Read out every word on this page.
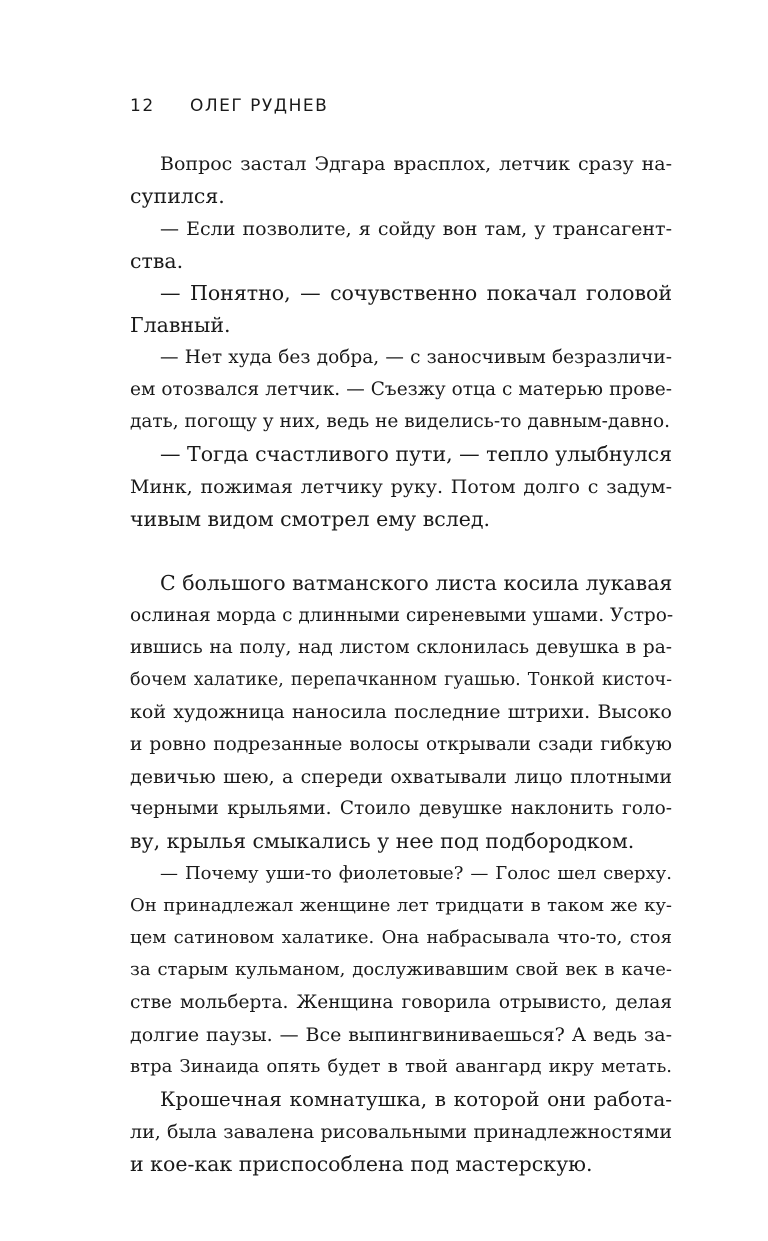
12 ОЛЕГ РУДНЕВ
Вопрос застал Эдгара врасплох, летчик сразу на-
супился.
— Если позволите, я сойду вон там, у трансагент-
ства.
— Понятно, — сочувственно покачал головой
Главный.
— Нет худа без добра, — с заносчивым безразличи-
ем отозвался летчик. — Съезжу отца с матерью прове-
дать, погощу у них, ведь не виделись-то давным-давно.
— Тогда счастливого пути, — тепло улыбнулся
Минк, пожимая летчику руку. Потом долго с задум-
чивым видом смотрел ему вслед.
С большого ватманского листа косила лукавая
ослиная морда с длинными сиреневыми ушами. Устро-
ившись на полу, над листом склонилась девушка в ра-
бочем халатике, перепачканном гуашью. Тонкой кисточ-
кой художница наносила последние штрихи. Высоко
и ровно подрезанные волосы открывали сзади гибкую
девичью шею, а спереди охватывали лицо плотными
черными крыльями. Стоило девушке наклонить голо-
ву, крылья смыкались у нее под подбородком.
— Почему уши-то фиолетовые? — Голос шел сверху.
Он принадлежал женщине лет тридцати в таком же ку-
цем сатиновом халатике. Она набрасывала что-то, стоя
за старым кульманом, дослуживавшим свой век в каче-
стве мольберта. Женщина говорила отрывисто, делая
долгие паузы. — Все выпингвиниваешься? А ведь за-
втра Зинаида опять будет в твой авангард икру метать.
Крошечная комнатушка, в которой они работа-
ли, была завалена рисовальными принадлежностями
и кое-как приспособлена под мастерскую.
